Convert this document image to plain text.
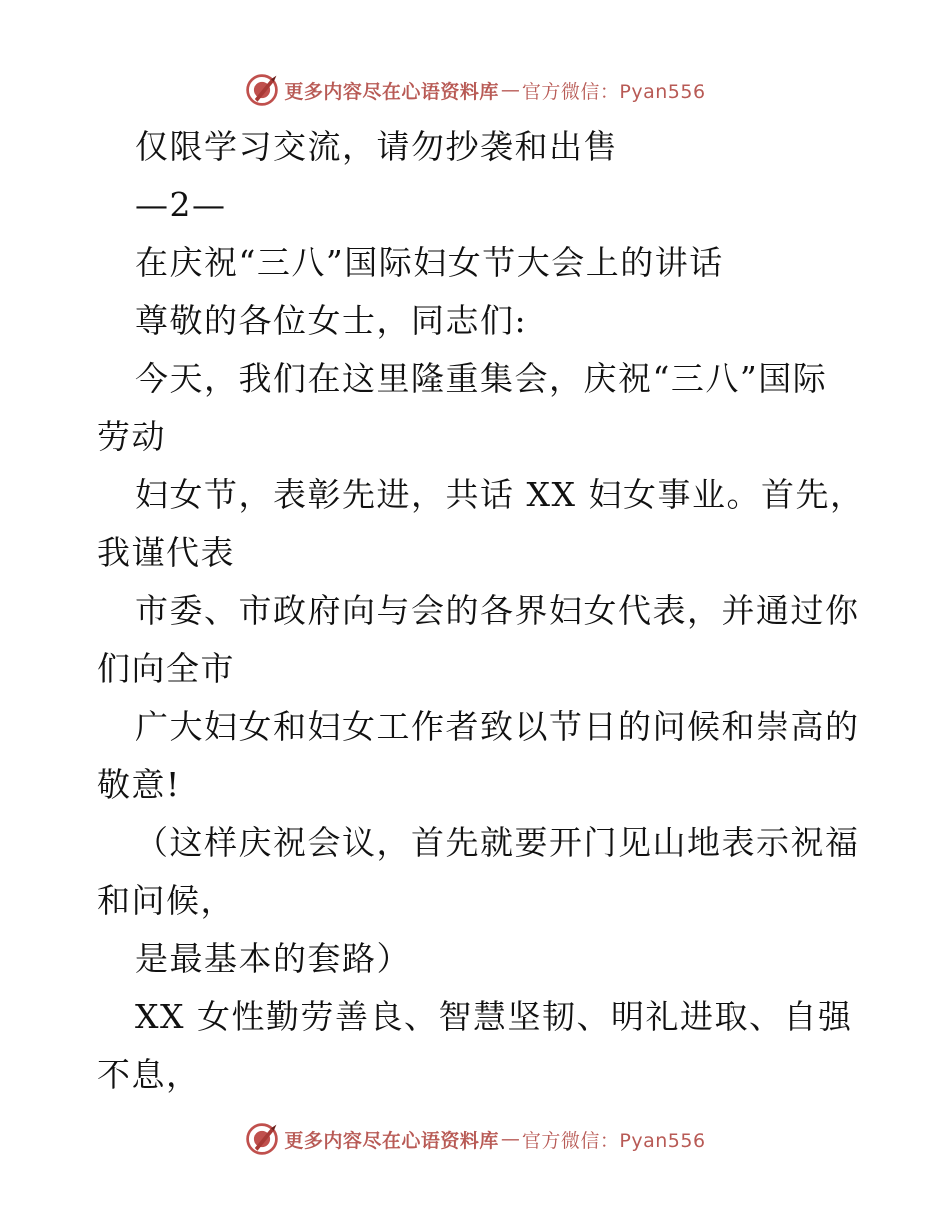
更多内容尽在心语资料库 — 官方微信：Pyan556
仅限学习交流，请勿抄袭和出售
—2—
在庆祝“三八”国际妇女节大会上的讲话
尊敬的各位女士，同志们:
今天，我们在这里隆重集会，庆祝“三八”国际
劳动
妇女节，表彰先进，共话 XX 妇女事业。首先，
我谨代表
市委、市政府向与会的各界妇女代表，并通过你
们向全市
广大妇女和妇女工作者致以节日的问候和崇高的
敬意!
（这样庆祝会议，首先就要开门见山地表示祝福
和问候，
是最基本的套路）
XX 女性勤劳善良、智慧坚韧、明礼进取、自强
不息，
更多内容尽在心语资料库 — 官方微信：Pyan556
